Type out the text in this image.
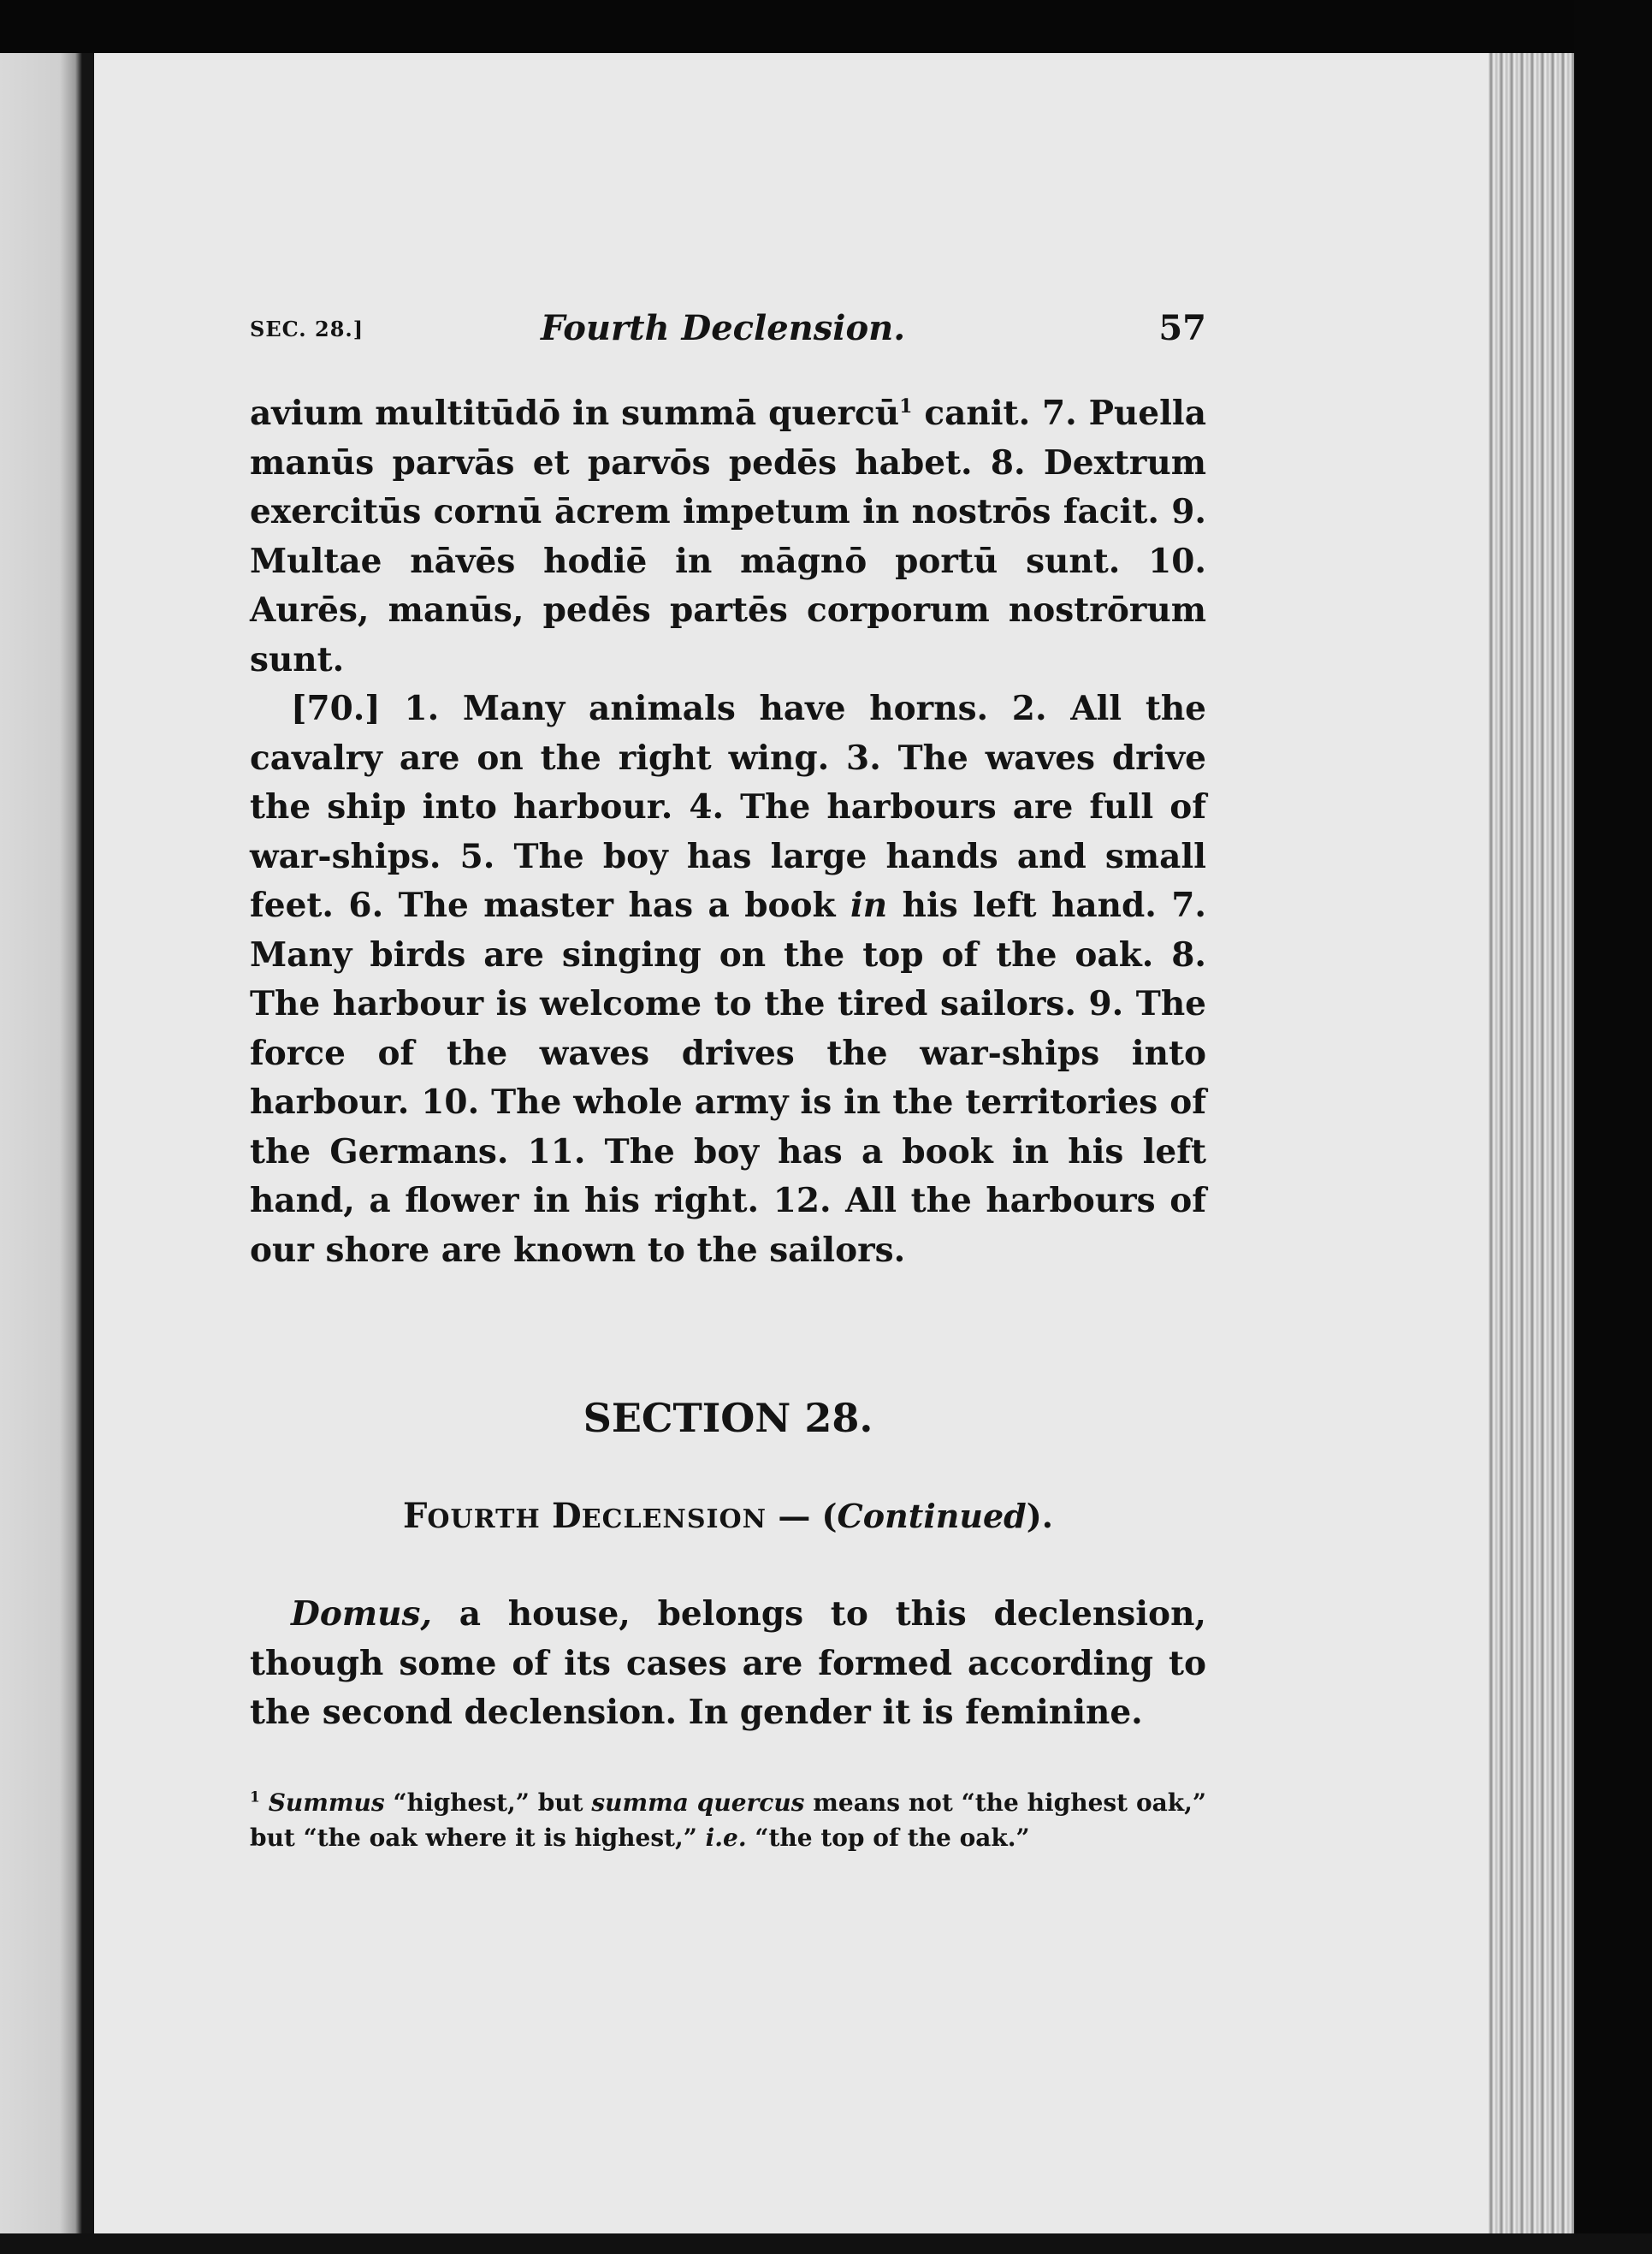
SEC. 28.]	Fourth Declension.	57

avium multitūdō in summā quercū$^1$ canit. 7. Puella manūs parvās et parvōs pedēs habet. 8. Dextrum exercitūs cornū ācrem impetum in nostrōs facit. 9. Multae nāvēs hodiē in māgnō portū sunt. 10. Aurēs, manūs, pedēs partēs corporum nostrōrum sunt.

[70.] 1. Many animals have horns. 2. All the cavalry are on the right wing. 3. The waves drive the ship into harbour. 4. The harbours are full of war-ships. 5. The boy has large hands and small feet. 6. The master has a book in his left hand. 7. Many birds are singing on the top of the oak. 8. The harbour is welcome to the tired sailors. 9. The force of the waves drives the war-ships into harbour. 10. The whole army is in the territories of the Germans. 11. The boy has a book in his left hand, a flower in his right. 12. All the harbours of our shore are known to the sailors.

SECTION 28.
FOURTH DECLENSION — (Continued).

Domus, a house, belongs to this declension, though some of its cases are formed according to the second declension. In gender it is feminine.

$^1$ Summus “highest,” but summa quercus means not “the highest oak,” but “the oak where it is highest,” i.e. “the top of the oak.”
